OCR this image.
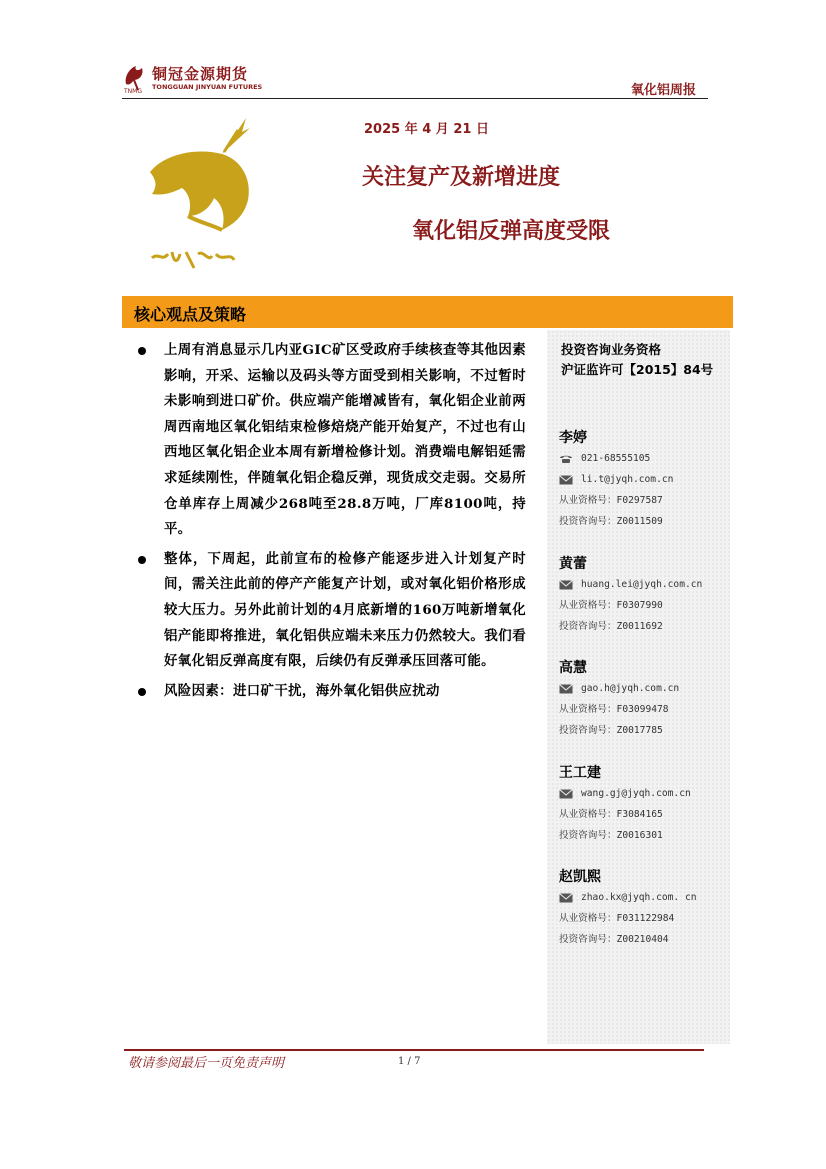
铜冠金源期货
TONGGUAN JINYUAN FUTURES
TNMG	氧化铝周报
2025 年 4 月 21 日
关注复产及新增进度
氧化铝反弹高度受限
核心观点及策略
上周有消息显示几内亚GIC矿区受政府手续核查等其他因素影响，开采、运输以及码头等方面受到相关影响，不过暂时未影响到进口矿价。供应端产能增减皆有，氧化铝企业前两周西南地区氧化铝结束检修焙烧产能开始复产，不过也有山西地区氧化铝企业本周有新增检修计划。消费端电解铝延需求延续刚性，伴随氧化铝企稳反弹，现货成交走弱。交易所仓单库存上周减少268吨至28.8万吨，厂库8100吨，持平。
整体，下周起，此前宣布的检修产能逐步进入计划复产时间，需关注此前的停产产能复产计划，或对氧化铝价格形成较大压力。另外此前计划的4月底新增的160万吨新增氧化铝产能即将推进，氧化铝供应端未来压力仍然较大。我们看好氧化铝反弹高度有限，后续仍有反弹承压回落可能。
风险因素：进口矿干扰，海外氧化铝供应扰动
投资咨询业务资格
沪证监许可【2015】84号
李婷
021-68555105
li.t@jyqh.com.cn
从业资格号：F0297587
投资咨询号：Z0011509
黄蕾
huang.lei@jyqh.com.cn
从业资格号：F0307990
投资咨询号：Z0011692
高慧
gao.h@jyqh.com.cn
从业资格号：F03099478
投资咨询号：Z0017785
王工建
wang.gj@jyqh.com.cn
从业资格号：F3084165
投资咨询号：Z0016301
赵凯熙
zhao.kx@jyqh.com. cn
从业资格号：F031122984
投资咨询号：Z00210404
敬请参阅最后一页免责声明	1 / 7
